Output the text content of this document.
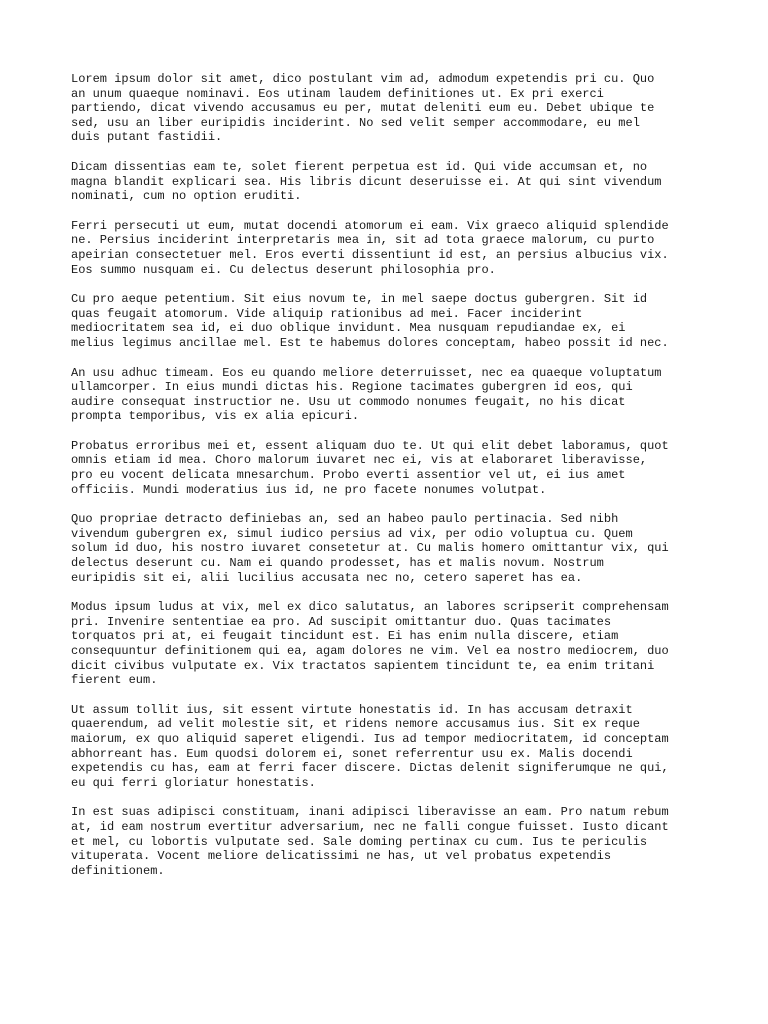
Lorem ipsum dolor sit amet, dico postulant vim ad, admodum expetendis pri cu. Quo
an unum quaeque nominavi. Eos utinam laudem definitiones ut. Ex pri exerci
partiendo, dicat vivendo accusamus eu per, mutat deleniti eum eu. Debet ubique te
sed, usu an liber euripidis inciderint. No sed velit semper accommodare, eu mel
duis putant fastidii.

Dicam dissentias eam te, solet fierent perpetua est id. Qui vide accumsan et, no
magna blandit explicari sea. His libris dicunt deseruisse ei. At qui sint vivendum
nominati, cum no option eruditi.

Ferri persecuti ut eum, mutat docendi atomorum ei eam. Vix graeco aliquid splendide
ne. Persius inciderint interpretaris mea in, sit ad tota graece malorum, cu purto
apeirian consectetuer mel. Eros everti dissentiunt id est, an persius albucius vix.
Eos summo nusquam ei. Cu delectus deserunt philosophia pro.

Cu pro aeque petentium. Sit eius novum te, in mel saepe doctus gubergren. Sit id
quas feugait atomorum. Vide aliquip rationibus ad mei. Facer inciderint
mediocritatem sea id, ei duo oblique invidunt. Mea nusquam repudiandae ex, ei
melius legimus ancillae mel. Est te habemus dolores conceptam, habeo possit id nec.

An usu adhuc timeam. Eos eu quando meliore deterruisset, nec ea quaeque voluptatum
ullamcorper. In eius mundi dictas his. Regione tacimates gubergren id eos, qui
audire consequat instructior ne. Usu ut commodo nonumes feugait, no his dicat
prompta temporibus, vis ex alia epicuri.

Probatus erroribus mei et, essent aliquam duo te. Ut qui elit debet laboramus, quot
omnis etiam id mea. Choro malorum iuvaret nec ei, vis at elaboraret liberavisse,
pro eu vocent delicata mnesarchum. Probo everti assentior vel ut, ei ius amet
officiis. Mundi moderatius ius id, ne pro facete nonumes volutpat.

Quo propriae detracto definiebas an, sed an habeo paulo pertinacia. Sed nibh
vivendum gubergren ex, simul iudico persius ad vix, per odio voluptua cu. Quem
solum id duo, his nostro iuvaret consetetur at. Cu malis homero omittantur vix, qui
delectus deserunt cu. Nam ei quando prodesset, has et malis novum. Nostrum
euripidis sit ei, alii lucilius accusata nec no, cetero saperet has ea.

Modus ipsum ludus at vix, mel ex dico salutatus, an labores scripserit comprehensam
pri. Invenire sententiae ea pro. Ad suscipit omittantur duo. Quas tacimates
torquatos pri at, ei feugait tincidunt est. Ei has enim nulla discere, etiam
consequuntur definitionem qui ea, agam dolores ne vim. Vel ea nostro mediocrem, duo
dicit civibus vulputate ex. Vix tractatos sapientem tincidunt te, ea enim tritani
fierent eum.

Ut assum tollit ius, sit essent virtute honestatis id. In has accusam detraxit
quaerendum, ad velit molestie sit, et ridens nemore accusamus ius. Sit ex reque
maiorum, ex quo aliquid saperet eligendi. Ius ad tempor mediocritatem, id conceptam
abhorreant has. Eum quodsi dolorem ei, sonet referrentur usu ex. Malis docendi
expetendis cu has, eam at ferri facer discere. Dictas delenit signiferumque ne qui,
eu qui ferri gloriatur honestatis.

In est suas adipisci constituam, inani adipisci liberavisse an eam. Pro natum rebum
at, id eam nostrum evertitur adversarium, nec ne falli congue fuisset. Iusto dicant
et mel, cu lobortis vulputate sed. Sale doming pertinax cu cum. Ius te periculis
vituperata. Vocent meliore delicatissimi ne has, ut vel probatus expetendis
definitionem.
